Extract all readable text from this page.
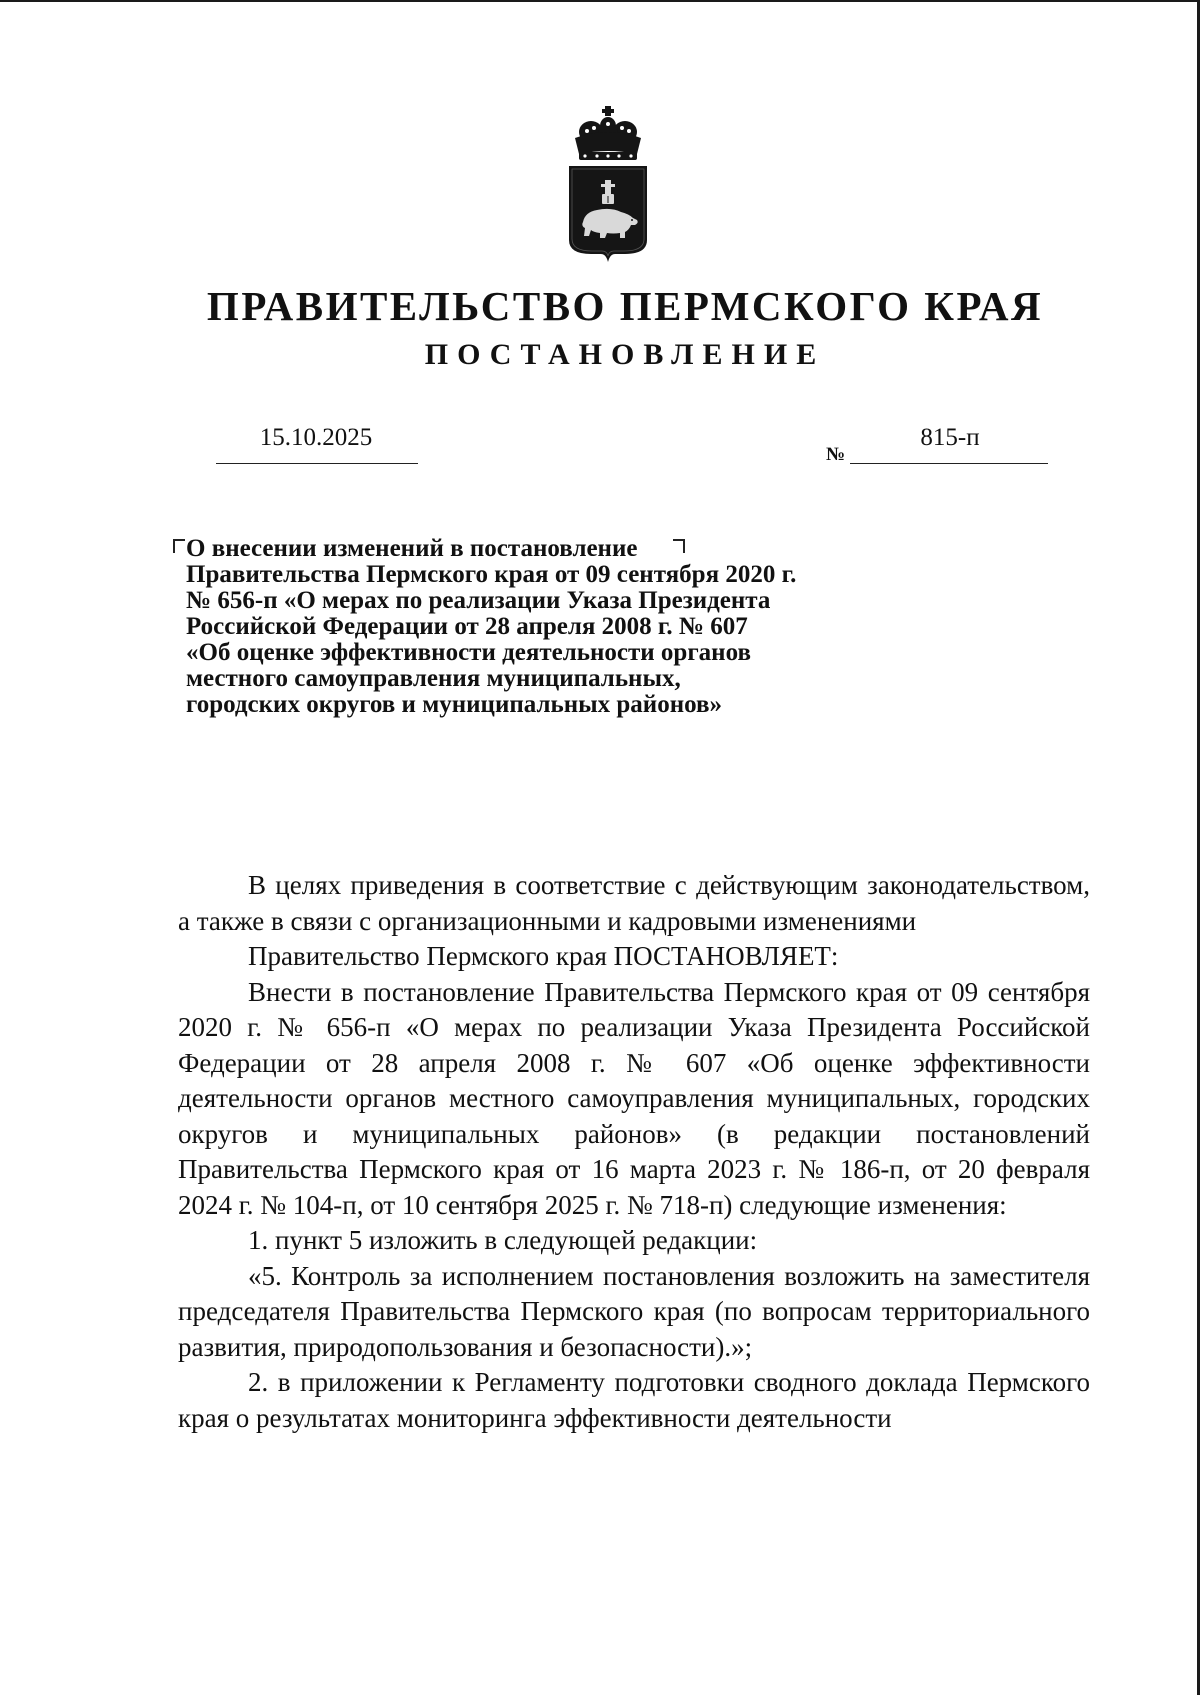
ПРАВИТЕЛЬСТВО ПЕРМСКОГО КРАЯ
ПОСТАНОВЛЕНИЕ
15.10.2025
№
815-п
О внесении изменений в постановление
Правительства Пермского края от 09 сентября 2020 г.
№ 656-п «О мерах по реализации Указа Президента
Российской Федерации от 28 апреля 2008 г. № 607
«Об оценке эффективности деятельности органов
местного самоуправления муниципальных,
городских округов и муниципальных районов»

В целях приведения в соответствие с действующим законодательством, а также в связи с организационными и кадровыми изменениями

Правительство Пермского края ПОСТАНОВЛЯЕТ:

Внести в постановление Правительства Пермского края от 09 сентября 2020 г. № 656-п «О мерах по реализации Указа Президента Российской Федерации от 28 апреля 2008 г. № 607 «Об оценке эффективности деятельности органов местного самоуправления муниципальных, городских округов и муниципальных районов» (в редакции постановлений Правительства Пермского края от 16 марта 2023 г. № 186-п, от 20 февраля 2024 г. № 104-п, от 10 сентября 2025 г. № 718-п) следующие изменения:

1. пункт 5 изложить в следующей редакции:

«5. Контроль за исполнением постановления возложить на заместителя председателя Правительства Пермского края (по вопросам территориального развития, природопользования и безопасности).»;

2. в приложении к Регламенту подготовки сводного доклада Пермского края о результатах мониторинга эффективности деятельности
